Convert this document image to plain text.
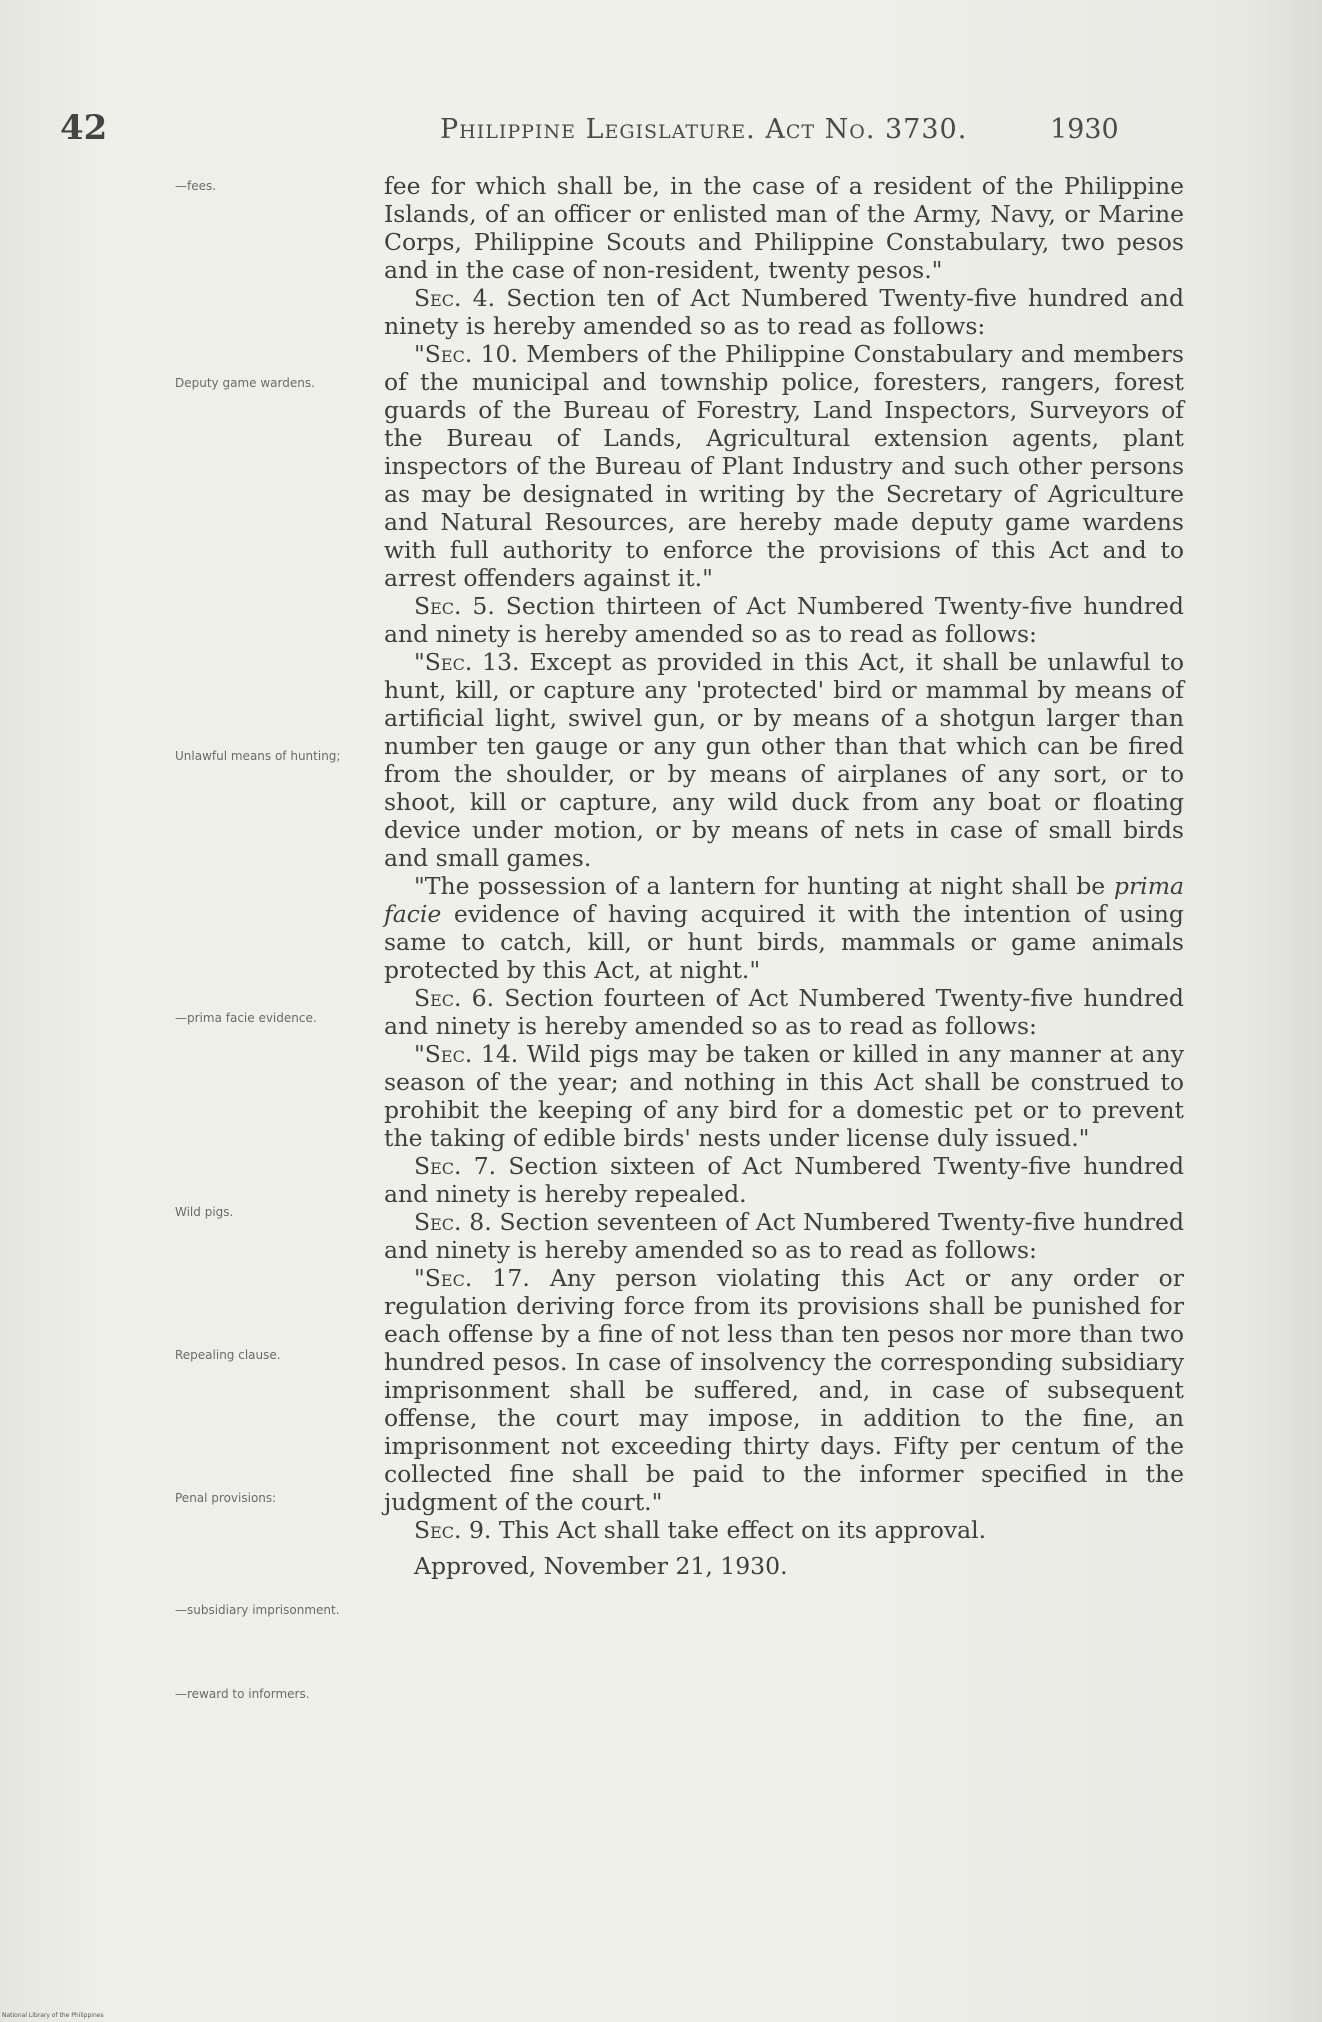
42	Philippine Legislature. Act No. 3730.	1930
—fees.
Deputy game wardens.
Unlawful means of hunting;
—prima facie evidence.
Wild pigs.
Repealing clause.
Penal provisions:
—subsidiary imprisonment.
—reward to informers.

fee for which shall be, in the case of a resident of the Philippine Islands, of an officer or enlisted man of the Army, Navy, or Marine Corps, Philippine Scouts and Philippine Constabulary, two pesos and in the case of non-resident, twenty pesos."

Sec. 4. Section ten of Act Numbered Twenty-five hundred and ninety is hereby amended so as to read as follows:

"Sec. 10. Members of the Philippine Constabulary and members of the municipal and township police, foresters, rangers, forest guards of the Bureau of Forestry, Land Inspectors, Surveyors of the Bureau of Lands, Agricultural extension agents, plant inspectors of the Bureau of Plant Industry and such other persons as may be designated in writing by the Secretary of Agriculture and Natural Resources, are hereby made deputy game wardens with full authority to enforce the provisions of this Act and to arrest offenders against it."

Sec. 5. Section thirteen of Act Numbered Twenty-five hundred and ninety is hereby amended so as to read as follows:

"Sec. 13. Except as provided in this Act, it shall be unlawful to hunt, kill, or capture any 'protected' bird or mammal by means of artificial light, swivel gun, or by means of a shotgun larger than number ten gauge or any gun other than that which can be fired from the shoulder, or by means of airplanes of any sort, or to shoot, kill or capture, any wild duck from any boat or floating device under motion, or by means of nets in case of small birds and small games.

"The possession of a lantern for hunting at night shall be prima facie evidence of having acquired it with the intention of using same to catch, kill, or hunt birds, mammals or game animals protected by this Act, at night."

Sec. 6. Section fourteen of Act Numbered Twenty-five hundred and ninety is hereby amended so as to read as follows:

"Sec. 14. Wild pigs may be taken or killed in any manner at any season of the year; and nothing in this Act shall be construed to prohibit the keeping of any bird for a domestic pet or to prevent the taking of edible birds' nests under license duly issued."

Sec. 7. Section sixteen of Act Numbered Twenty-five hundred and ninety is hereby repealed.

Sec. 8. Section seventeen of Act Numbered Twenty-five hundred and ninety is hereby amended so as to read as follows:

"Sec. 17. Any person violating this Act or any order or regulation deriving force from its provisions shall be punished for each offense by a fine of not less than ten pesos nor more than two hundred pesos. In case of insolvency the corresponding subsidiary imprisonment shall be suffered, and, in case of subsequent offense, the court may impose, in addition to the fine, an imprisonment not exceeding thirty days. Fifty per centum of the collected fine shall be paid to the informer specified in the judgment of the court."

Sec. 9. This Act shall take effect on its approval.

Approved, November 21, 1930.

National Library of the Philippines
